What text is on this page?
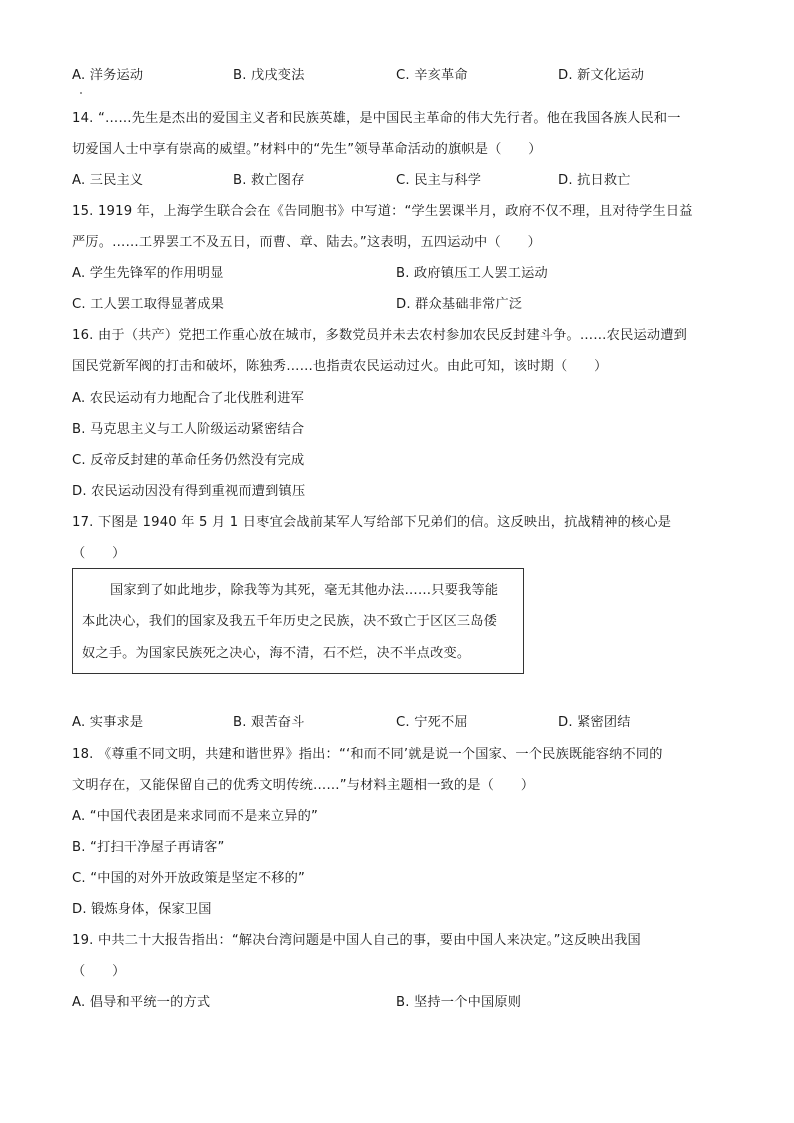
A. 洋务运动	B. 戊戌变法	C. 辛亥革命	D. 新文化运动
14. “……先生是杰出的爱国主义者和民族英雄，是中国民主革命的伟大先行者。他在我国各族人民和一
切爱国人士中享有崇高的威望。”材料中的“先生”领导革命活动的旗帜是（　　）
A. 三民主义	B. 救亡图存	C. 民主与科学	D. 抗日救亡
15. 1919 年，上海学生联合会在《告同胞书》中写道：“学生罢课半月，政府不仅不理，且对待学生日益
严厉。……工界罢工不及五日，而曹、章、陆去。”这表明，五四运动中（　　）
A. 学生先锋军的作用明显	B. 政府镇压工人罢工运动
C. 工人罢工取得显著成果	D. 群众基础非常广泛
16. 由于（共产）党把工作重心放在城市，多数党员并未去农村参加农民反封建斗争。……农民运动遭到
国民党新军阀的打击和破坏，陈独秀……也指责农民运动过火。由此可知，该时期（　　）
A. 农民运动有力地配合了北伐胜利进军
B. 马克思主义与工人阶级运动紧密结合
C. 反帝反封建的革命任务仍然没有完成
D. 农民运动因没有得到重视而遭到镇压
17. 下图是 1940 年 5 月 1 日枣宜会战前某军人写给部下兄弟们的信。这反映出，抗战精神的核心是
（　　）
国家到了如此地步，除我等为其死，毫无其他办法……只要我等能
本此决心，我们的国家及我五千年历史之民族，决不致亡于区区三岛倭
奴之手。为国家民族死之决心，海不清，石不烂，决不半点改变。
A. 实事求是	B. 艰苦奋斗	C. 宁死不屈	D. 紧密团结
18. 《尊重不同文明，共建和谐世界》指出：“‘和而不同’就是说一个国家、一个民族既能容纳不同的
文明存在，又能保留自己的优秀文明传统……”与材料主题相一致的是（　　）
A. “中国代表团是来求同而不是来立异的”
B. “打扫干净屋子再请客”
C. “中国的对外开放政策是坚定不移的”
D. 锻炼身体，保家卫国
19. 中共二十大报告指出：“解决台湾问题是中国人自己的事，要由中国人来决定。”这反映出我国
（　　）
A. 倡导和平统一的方式	B. 坚持一个中国原则
